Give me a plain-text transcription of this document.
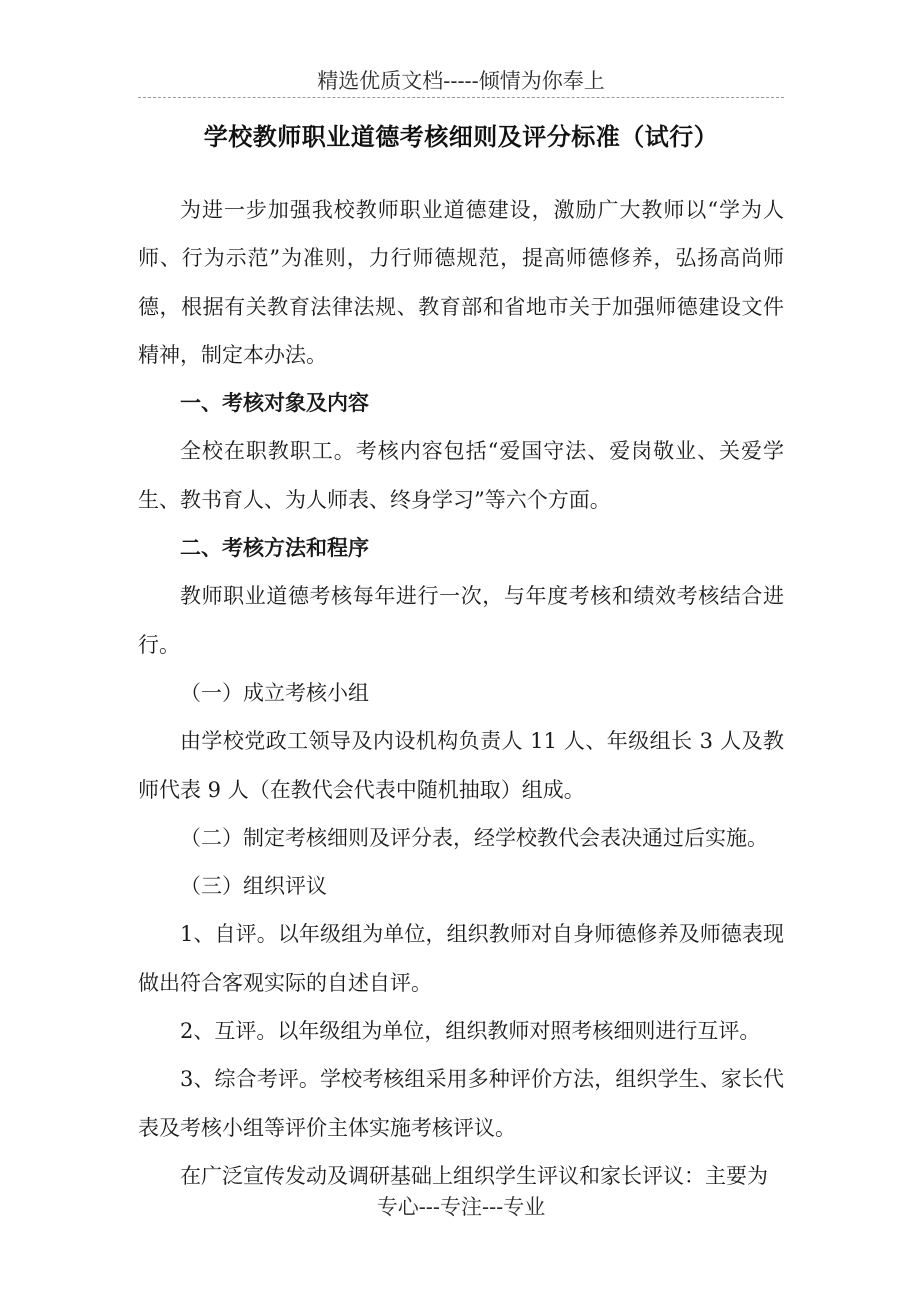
精选优质文档-----倾情为你奉上
学校教师职业道德考核细则及评分标准（试行）

为进一步加强我校教师职业道德建设，激励广大教师以“学为人师、行为示范”为准则，力行师德规范，提高师德修养，弘扬高尚师德，根据有关教育法律法规、教育部和省地市关于加强师德建设文件精神，制定本办法。

一、考核对象及内容

全校在职教职工。考核内容包括“爱国守法、爱岗敬业、关爱学生、教书育人、为人师表、终身学习”等六个方面。

二、考核方法和程序

教师职业道德考核每年进行一次，与年度考核和绩效考核结合进行。

（一）成立考核小组

由学校党政工领导及内设机构负责人 11 人、年级组长 3 人及教师代表 9 人（在教代会代表中随机抽取）组成。

（二）制定考核细则及评分表，经学校教代会表决通过后实施。

（三）组织评议

1、自评。以年级组为单位，组织教师对自身师德修养及师德表现做出符合客观实际的自述自评。

2、互评。以年级组为单位，组织教师对照考核细则进行互评。

3、综合考评。学校考核组采用多种评价方法，组织学生、家长代表及考核小组等评价主体实施考核评议。

在广泛宣传发动及调研基础上组织学生评议和家长评议：主要为

专心---专注---专业
